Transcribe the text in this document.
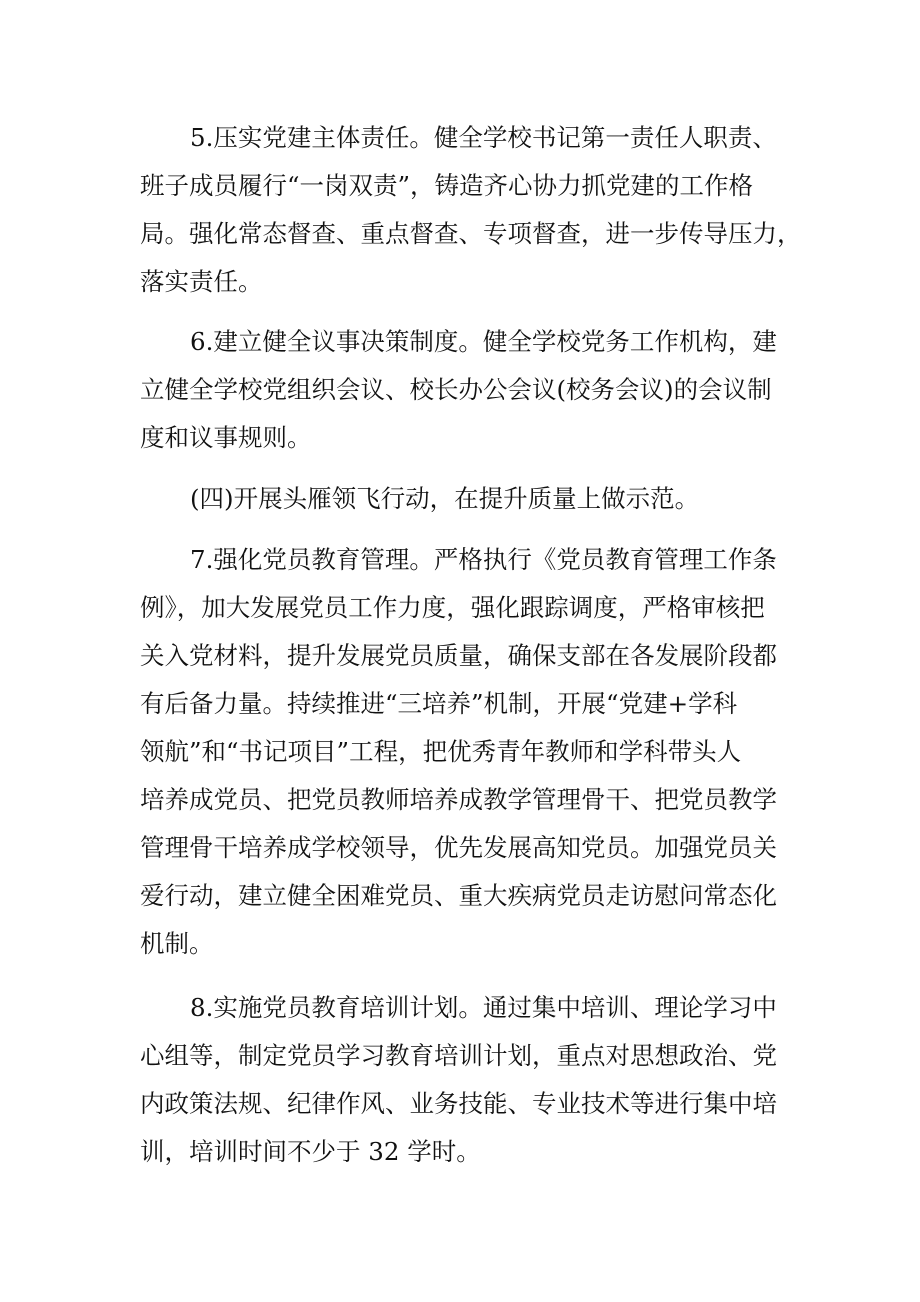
5.压实党建主体责任。健全学校书记第一责任人职责、
班子成员履行“一岗双责”，铸造齐心协力抓党建的工作格
局。强化常态督查、重点督查、专项督查，进一步传导压力，
落实责任。
6.建立健全议事决策制度。健全学校党务工作机构，建
立健全学校党组织会议、校长办公会议(校务会议)的会议制
度和议事规则。
(四)开展头雁领飞行动，在提升质量上做示范。
7.强化党员教育管理。严格执行《党员教育管理工作条
例》，加大发展党员工作力度，强化跟踪调度，严格审核把
关入党材料，提升发展党员质量，确保支部在各发展阶段都
有后备力量。持续推进“三培养”机制，开展“党建+学科
领航”和“书记项目”工程，把优秀青年教师和学科带头人
培养成党员、把党员教师培养成教学管理骨干、把党员教学
管理骨干培养成学校领导，优先发展高知党员。加强党员关
爱行动，建立健全困难党员、重大疾病党员走访慰问常态化
机制。
8.实施党员教育培训计划。通过集中培训、理论学习中
心组等，制定党员学习教育培训计划，重点对思想政治、党
内政策法规、纪律作风、业务技能、专业技术等进行集中培
训，培训时间不少于 32 学时。
